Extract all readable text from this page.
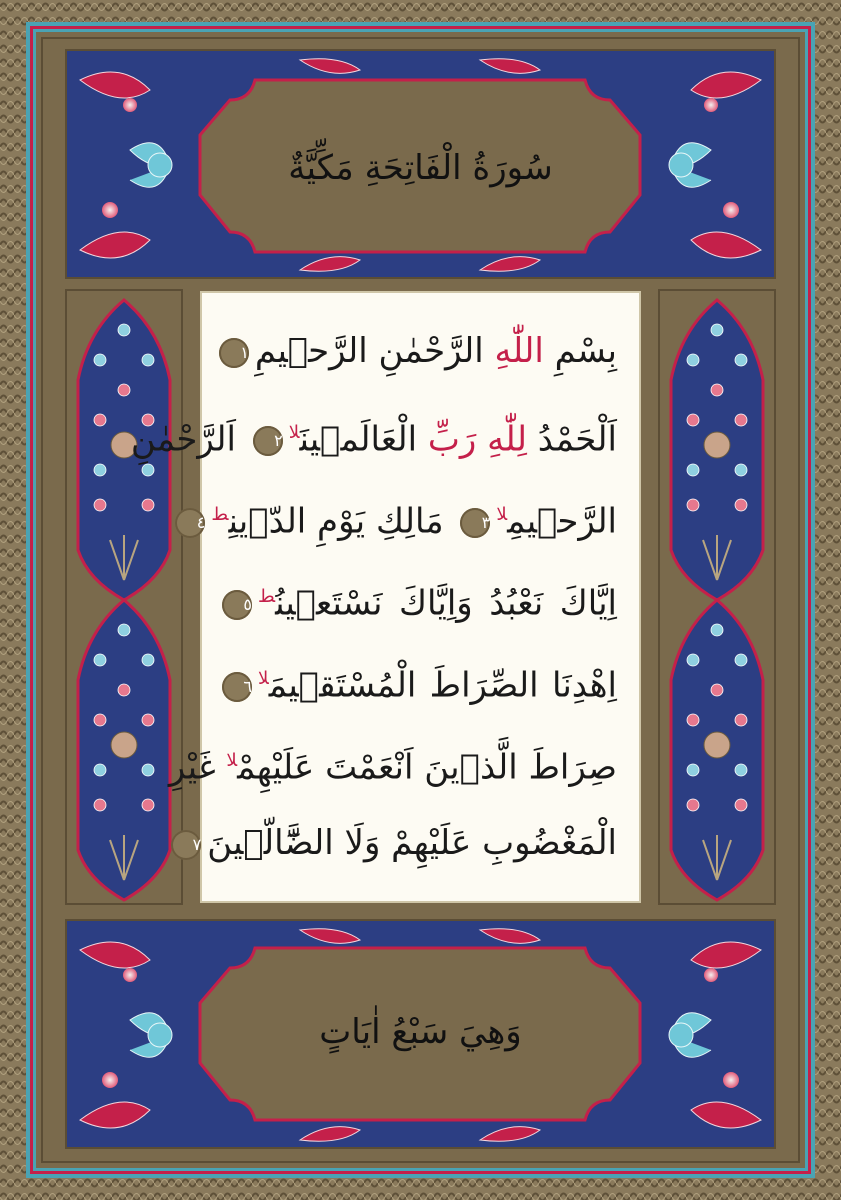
سُورَةُ الْفَاتِحَةِ مَكِّيَّةٌ
وَهِيَ سَبْعُ اٰيَاتٍ
بِسْمِ اللّٰهِ الرَّحْمٰنِ الرَّح۪يمِ١
اَلْحَمْدُ لِلّٰهِ رَبِّ الْعَالَم۪ينَ$^{لا}$٢ اَلرَّحْمٰنِ
الرَّح۪يمِ$^{لا}$٣ مَالِكِ يَوْمِ الدّ۪ينِ$^ط$٤
اِيَّاكَ نَعْبُدُ وَاِيَّاكَ نَسْتَع۪ينُ$^ط$٥
اِهْدِنَا الصِّرَاطَ الْمُسْتَق۪يمَ$^{لا}$٦
صِرَاطَ الَّذ۪ينَ اَنْعَمْتَ عَلَيْهِمْ$^{لا}$ غَيْرِ
الْمَغْضُوبِ عَلَيْهِمْ وَلَا الضَّٓالّ۪ينَ٧
